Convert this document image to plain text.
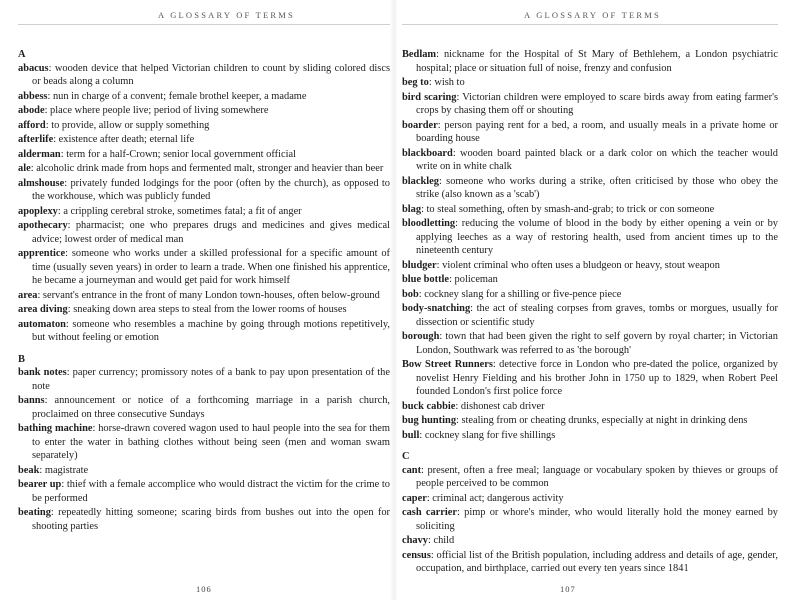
A GLOSSARY OF TERMS
A
abacus: wooden device that helped Victorian children to count by sliding colored discs or beads along a column
abbess: nun in charge of a convent; female brothel keeper, a madame
abode: place where people live; period of living somewhere
afford: to provide, allow or supply something
afterlife: existence after death; eternal life
alderman: term for a half-Crown; senior local government official
ale: alcoholic drink made from hops and fermented malt, stronger and heavier than beer
almshouse: privately funded lodgings for the poor (often by the church), as opposed to the workhouse, which was publicly funded
apoplexy: a crippling cerebral stroke, sometimes fatal; a fit of anger
apothecary: pharmacist; one who prepares drugs and medicines and gives medical advice; lowest order of medical man
apprentice: someone who works under a skilled professional for a specific amount of time (usually seven years) in order to learn a trade. When one finished his apprentice, he became a journeyman and would get paid for work himself
area: servant's entrance in the front of many London town-houses, often below-ground
area diving: sneaking down area steps to steal from the lower rooms of houses
automaton: someone who resembles a machine by going through motions repetitively, but without feeling or emotion
B
bank notes: paper currency; promissory notes of a bank to pay upon presentation of the note
banns: announcement or notice of a forthcoming marriage in a parish church, proclaimed on three consecutive Sundays
bathing machine: horse-drawn covered wagon used to haul people into the sea for them to enter the water in bathing clothes without being seen (men and woman swam separately)
beak: magistrate
bearer up: thief with a female accomplice who would distract the victim for the crime to be performed
beating: repeatedly hitting someone; scaring birds from bushes out into the open for shooting parties
106
A GLOSSARY OF TERMS
Bedlam: nickname for the Hospital of St Mary of Bethlehem, a London psychiatric hospital; place or situation full of noise, frenzy and confusion
beg to: wish to
bird scaring: Victorian children were employed to scare birds away from eating farmer's crops by chasing them off or shouting
boarder: person paying rent for a bed, a room, and usually meals in a private home or boarding house
blackboard: wooden board painted black or a dark color on which the teacher would write on in white chalk
blackleg: someone who works during a strike, often criticised by those who obey the strike (also known as a 'scab')
blag: to steal something, often by smash-and-grab; to trick or con someone
bloodletting: reducing the volume of blood in the body by either opening a vein or by applying leeches as a way of restoring health, used from ancient times up to the nineteenth century
bludger: violent criminal who often uses a bludgeon or heavy, stout weapon
blue bottle: policeman
bob: cockney slang for a shilling or five-pence piece
body-snatching: the act of stealing corpses from graves, tombs or morgues, usually for dissection or scientific study
borough: town that had been given the right to self govern by royal charter; in Victorian London, Southwark was referred to as 'the borough'
Bow Street Runners: detective force in London who pre-dated the police, organized by novelist Henry Fielding and his brother John in 1750 up to 1829, when Robert Peel founded London's first police force
buck cabbie: dishonest cab driver
bug hunting: stealing from or cheating drunks, especially at night in drinking dens
bull: cockney slang for five shillings
C
cant: present, often a free meal; language or vocabulary spoken by thieves or groups of people perceived to be common
caper: criminal act; dangerous activity
cash carrier: pimp or whore's minder, who would literally hold the money earned by soliciting
chavy: child
census: official list of the British population, including address and details of age, gender, occupation, and birthplace, carried out every ten years since 1841
107
